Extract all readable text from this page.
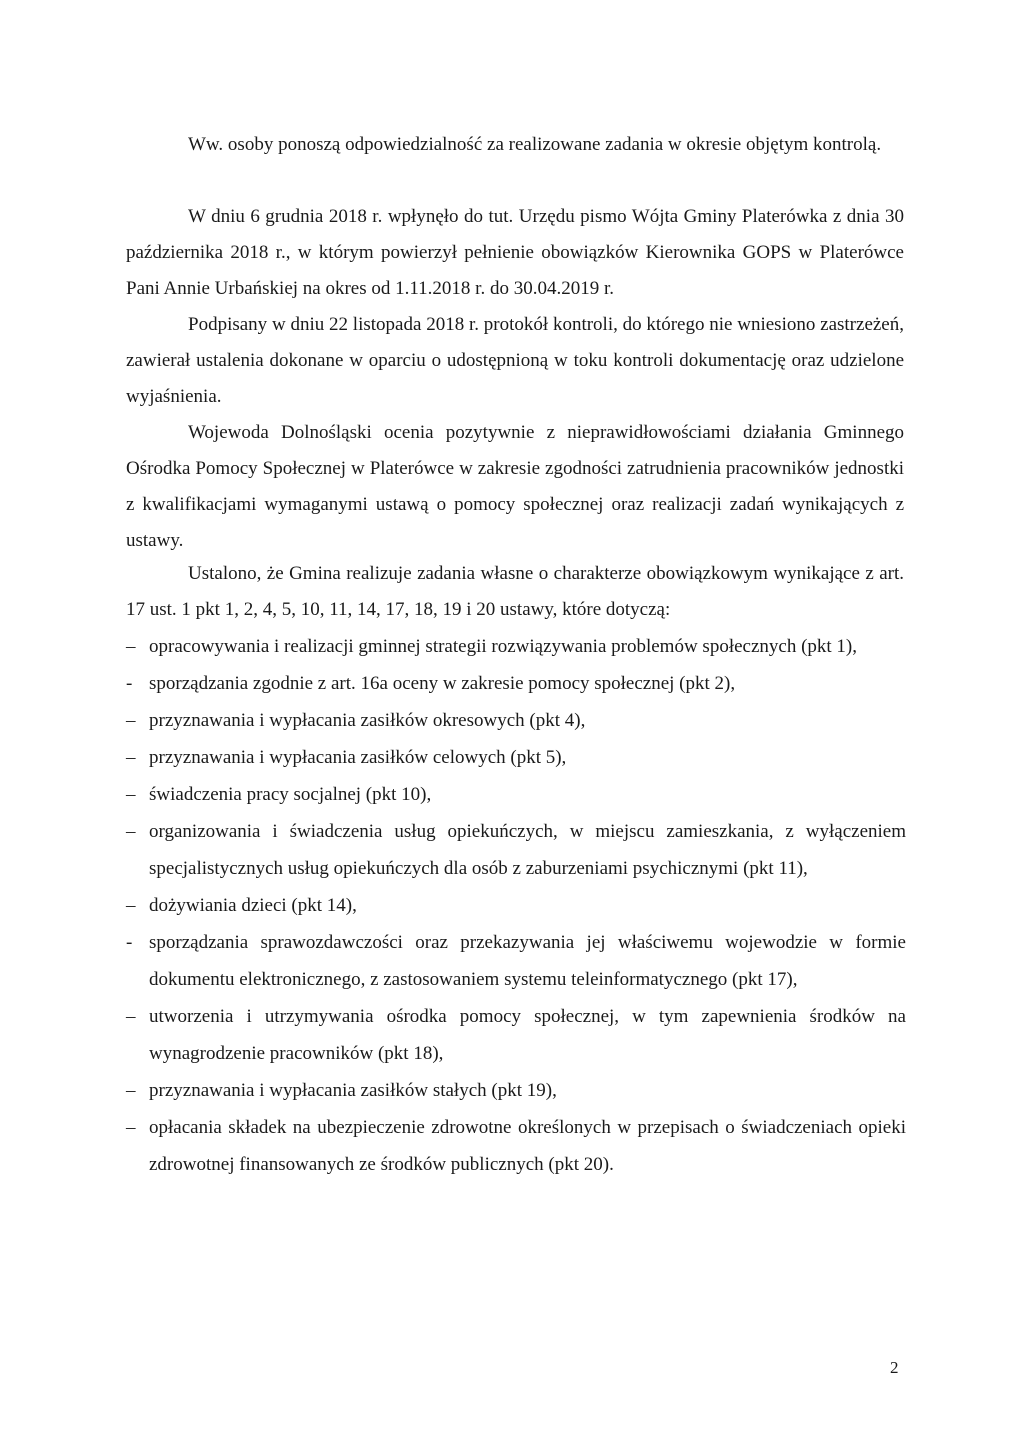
Ww. osoby ponoszą odpowiedzialność za realizowane zadania w okresie objętym kontrolą.

W dniu 6 grudnia 2018 r. wpłynęło do tut. Urzędu pismo Wójta Gminy Platerówka z dnia 30 października 2018 r., w którym powierzył pełnienie obowiązków Kierownika GOPS w Platerówce Pani Annie Urbańskiej na okres od 1.11.2018 r. do 30.04.2019 r.

Podpisany w dniu 22 listopada 2018 r. protokół kontroli, do którego nie wniesiono zastrzeżeń, zawierał ustalenia dokonane w oparciu o udostępnioną w toku kontroli dokumentację oraz udzielone wyjaśnienia.

Wojewoda Dolnośląski ocenia pozytywnie z nieprawidłowościami działania Gminnego Ośrodka Pomocy Społecznej w Platerówce w zakresie zgodności zatrudnienia pracowników jednostki z kwalifikacjami wymaganymi ustawą o pomocy społecznej oraz realizacji zadań wynikających z ustawy.

Ustalono, że Gmina realizuje zadania własne o charakterze obowiązkowym wynikające z art. 17 ust. 1 pkt 1, 2, 4, 5, 10, 11, 14, 17, 18, 19 i 20 ustawy, które dotyczą:

– opracowywania i realizacji gminnej strategii rozwiązywania problemów społecznych (pkt 1),
- sporządzania zgodnie z art. 16a oceny w zakresie pomocy społecznej (pkt 2),
– przyznawania i wypłacania zasiłków okresowych (pkt 4),
– przyznawania i wypłacania zasiłków celowych (pkt 5),
– świadczenia pracy socjalnej (pkt 10),
– organizowania i świadczenia usług opiekuńczych, w miejscu zamieszkania, z wyłączeniem specjalistycznych usług opiekuńczych dla osób z zaburzeniami psychicznymi (pkt 11),
– dożywiania dzieci (pkt 14),
- sporządzania sprawozdawczości oraz przekazywania jej właściwemu wojewodzie w formie dokumentu elektronicznego, z zastosowaniem systemu teleinformatycznego (pkt 17),
– utworzenia i utrzymywania ośrodka pomocy społecznej, w tym zapewnienia środków na wynagrodzenie pracowników (pkt 18),
– przyznawania i wypłacania zasiłków stałych (pkt 19),
– opłacania składek na ubezpieczenie zdrowotne określonych w przepisach o świadczeniach opieki zdrowotnej finansowanych ze środków publicznych (pkt 20).
2
